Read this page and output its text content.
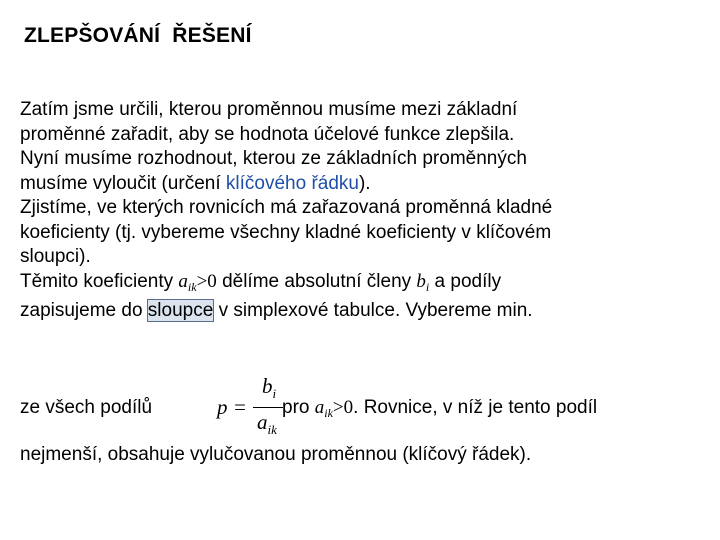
ZLEPŠOVÁNÍ  ŘEŠENÍ
Zatím jsme určili, kterou proměnnou musíme mezi základní
proměnné zařadit, aby se hodnota účelové funkce zlepšila.
Nyní musíme rozhodnout, kterou ze základních proměnných
musíme vyloučit (určení klíčového řádku).
Zjistíme, ve kterých rovnicích má zařazovaná proměnná kladné
koeficienty (tj. vybereme všechny kladné koeficienty v klíčovém
sloupci).
Těmito koeficienty $a_{ik}>0$ dělíme absolutní členy $b_i$ a podíly
zapisujeme do sloupce v simplexové tabulce. Vybereme min.
ze všech podílů	p =
$b_i$
$a_{ik}$
pro $a_{ik}>0$. Rovnice, v níž je tento podíl
nejmenší, obsahuje vylučovanou proměnnou (klíčový řádek).
